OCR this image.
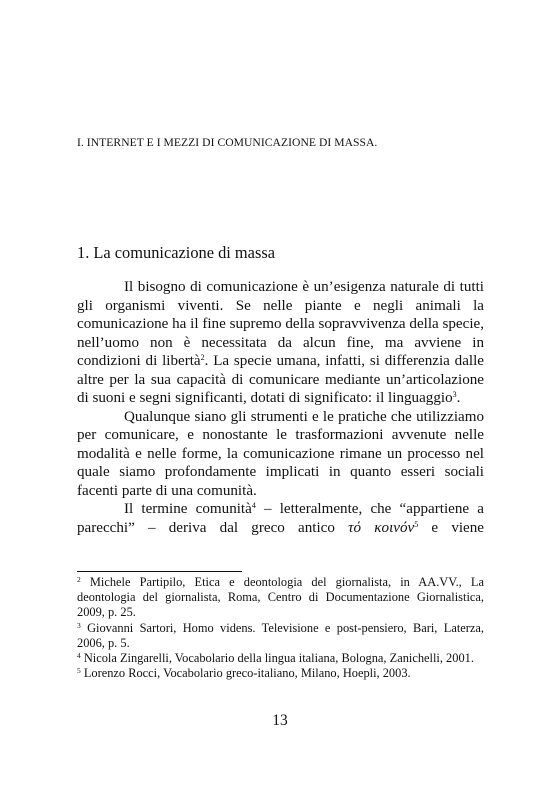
I. INTERNET E I MEZZI DI COMUNICAZIONE DI MASSA.
1. La comunicazione di massa

Il bisogno di comunicazione è un’esigenza naturale di tutti gli organismi viventi. Se nelle piante e negli animali la comunicazione ha il fine supremo della sopravvivenza della specie, nell’uomo non è necessitata da alcun fine, ma avviene in condizioni di libertà$^2$. La specie umana, infatti, si differenzia dalle altre per la sua capacità di comunicare mediante un’articolazione di suoni e segni significanti, dotati di significato: il linguaggio$^3$.

Qualunque siano gli strumenti e le pratiche che utilizziamo per comunicare, e nonostante le trasformazioni avvenute nelle modalità e nelle forme, la comunicazione rimane un processo nel quale siamo profondamente implicati in quanto esseri sociali facenti parte di una comunità.

Il termine comunità$^4$ – letteralmente, che “appartiene a parecchi” – deriva dal greco antico τό κοινόν$^5$ e viene

$^2$ Michele Partipilo, Etica e deontologia del giornalista, in AA.VV., La deontologia del giornalista, Roma, Centro di Documentazione Giornalistica, 2009, p. 25.

$^3$ Giovanni Sartori, Homo videns. Televisione e post-pensiero, Bari, Laterza, 2006, p. 5.

$^4$ Nicola Zingarelli, Vocabolario della lingua italiana, Bologna, Zanichelli, 2001.

$^5$ Lorenzo Rocci, Vocabolario greco-italiano, Milano, Hoepli, 2003.

13
